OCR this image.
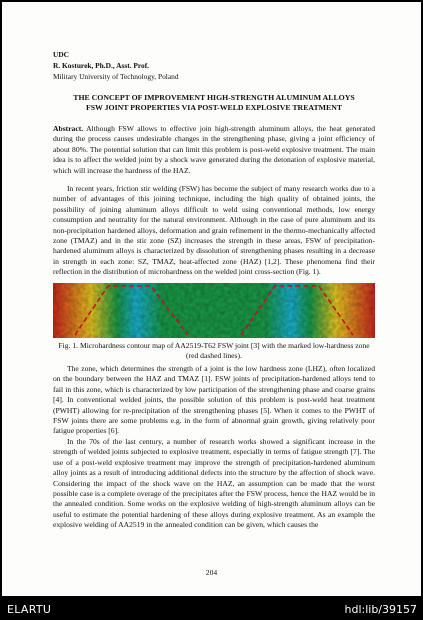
UDC
R. Kosturek, Ph.D., Asst. Prof.
Military University of Technology, Poland
THE CONCEPT OF IMPROVEMENT HIGH-STRENGTH ALUMINUM ALLOYS
FSW JOINT PROPERTIES VIA POST-WELD EXPLOSIVE TREATMENT
Abstract. Although FSW allows to effective join high-strength aluminum alloys, the heat generated during the process causes undesirable changes in the strengthening phase, giving a joint efficiency of about 80%. The potential solution that can limit this problem is post-weld explosive treatment. The main idea is to affect the welded joint by a shock wave generated during the detonation of explosive material, which will increase the hardness of the HAZ.
In recent years, friction stir welding (FSW) has become the subject of many research works due to a number of advantages of this joining technique, including the high quality of obtained joints, the possibility of joining aluminum alloys difficult to weld using conventional methods, low energy consumption and neutrality for the natural environment. Although in the case of pure aluminum and its non-precipitation hardened alloys, deformation and grain refinement in the thermo-mechanically affected zone (TMAZ) and in the stir zone (SZ) increases the strength in these areas, FSW of precipitation-hardened aluminum alloys is characterized by dissolution of strengthening phases resulting in a decrease in strength in each zone: SZ, TMAZ, heat-affected zone (HAZ) [1,2]. These phenomena find their reflection in the distribution of microhardness on the welded joint cross-section (Fig. 1).
Fig. 1. Microhardness contour map of AA2519-T62 FSW joint [3] with the marked low-hardness zone (red dashed lines).
The zone, which determines the strength of a joint is the low hardness zone (LHZ), often localized on the boundary between the HAZ and TMAZ [1]. FSW joints of precipitation-hardened alloys tend to fail in this zone, which is characterized by low participation of the strengthening phase and coarse grains [4]. In conventional welded joints, the possible solution of this problem is post-weld heat treatment (PWHT) allowing for re-precipitation of the strengthening phases [5]. When it comes to the PWHT of FSW joints there are some problems e.g. in the form of abnormal grain growth, giving relatively poor fatigue properties [6].
In the 70s of the last century, a number of research works showed a significant increase in the strength of welded joints subjected to explosive treatment, especially in terms of fatigue strength [7]. The use of a post-weld explosive treatment may improve the strength of precipitation-hardened aluminum alloy joints as a result of introducing additional defects into the structure by the affection of shock wave. Considering the impact of the shock wave on the HAZ, an assumption can be made that the worst possible case is a complete overage of the precipitates after the FSW process, hence the HAZ would be in the annealed condition. Some works on the explosive welding of high-strength aluminum alloys can be useful to estimate the potential hardening of these alloys during explosive treatment. As an example the explosive welding of AA2519 in the annealed condition can be given, which causes the
204
ELARTU	hdl:lib/39157
